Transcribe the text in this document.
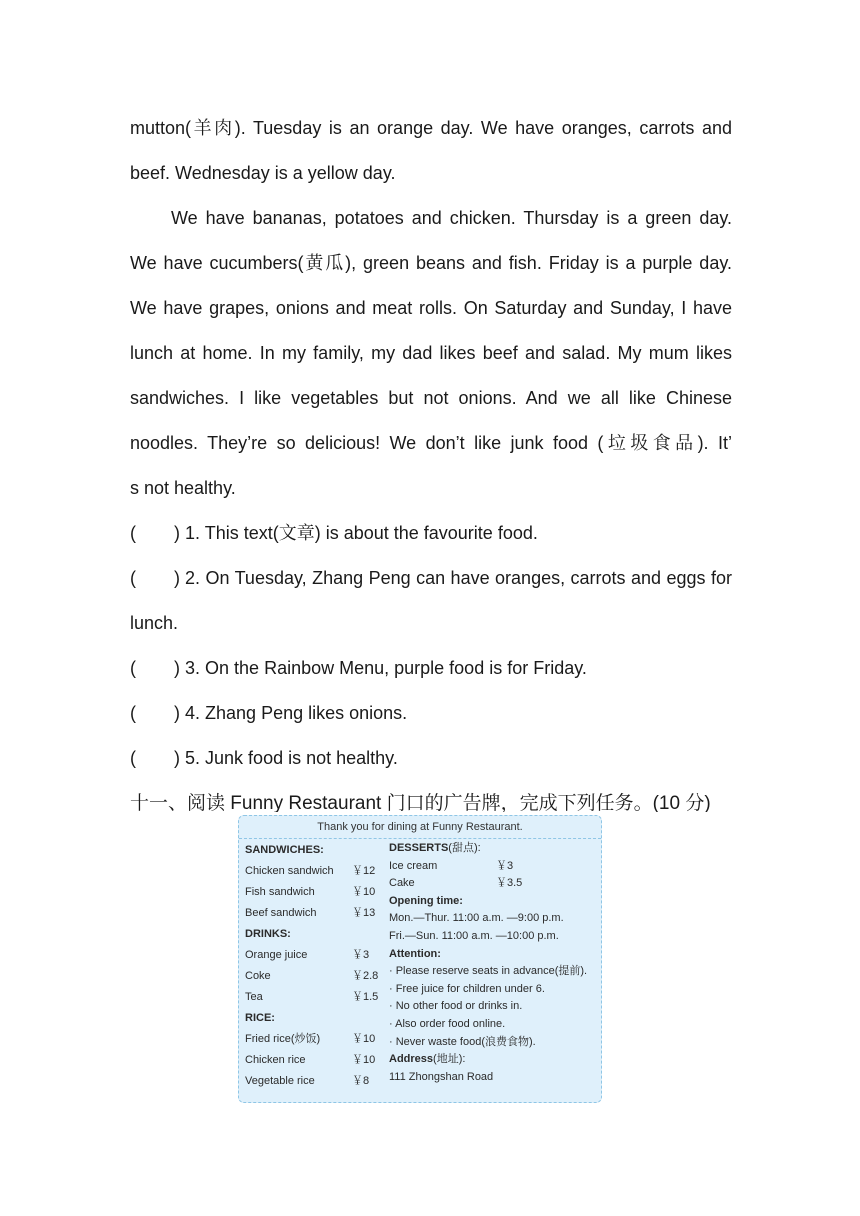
mutton(羊肉). Tuesday is an orange day. We have oranges, carrots and
beef. Wednesday is a yellow day.
We have bananas, potatoes and chicken. Thursday is a green day.
We have cucumbers(黄瓜), green beans and fish. Friday is a purple day.
We have grapes, onions and meat rolls. On Saturday and Sunday, I have
lunch at home. In my family, my dad likes beef and salad. My mum likes
sandwiches. I like vegetables but not onions. And we all like Chinese
noodles. They’re so delicious! We don’t like junk food (垃圾食品). It’
s not healthy.
( ) 1. This text(文章) is about the favourite food.
(	) 2. On Tuesday, Zhang Peng can have oranges, carrots and eggs for
lunch.
( ) 3. On the Rainbow Menu, purple food is for Friday.
( ) 4. Zhang Peng likes onions.
( ) 5. Junk food is not healthy.
十一、阅读 Funny Restaurant 门口的广告牌，完成下列任务。(10 分)
Thank you for dining at Funny Restaurant.
SANDWICHES:
Chicken sandwich ￥12
Fish sandwich	￥10
Beef sandwich	￥13
DRINKS:
Orange juice	￥3
Coke	￥2.8
Tea	￥1.5
RICE:
Fried rice(炒饭)	￥10
Chicken rice	￥10
Vegetable rice	￥8
DESSERTS(甜点):
Ice cream	￥3
Cake	￥3.5
Opening time:
Mon.—Thur. 11:00 a.m. —9:00 p.m.
Fri.—Sun. 11:00 a.m. —10:00 p.m.
Attention:
· Please reserve seats in advance(提前).
· Free juice for children under 6.
· No other food or drinks in.
· Also order food online.
· Never waste food(浪费食物).
Address(地址):
111 Zhongshan Road
